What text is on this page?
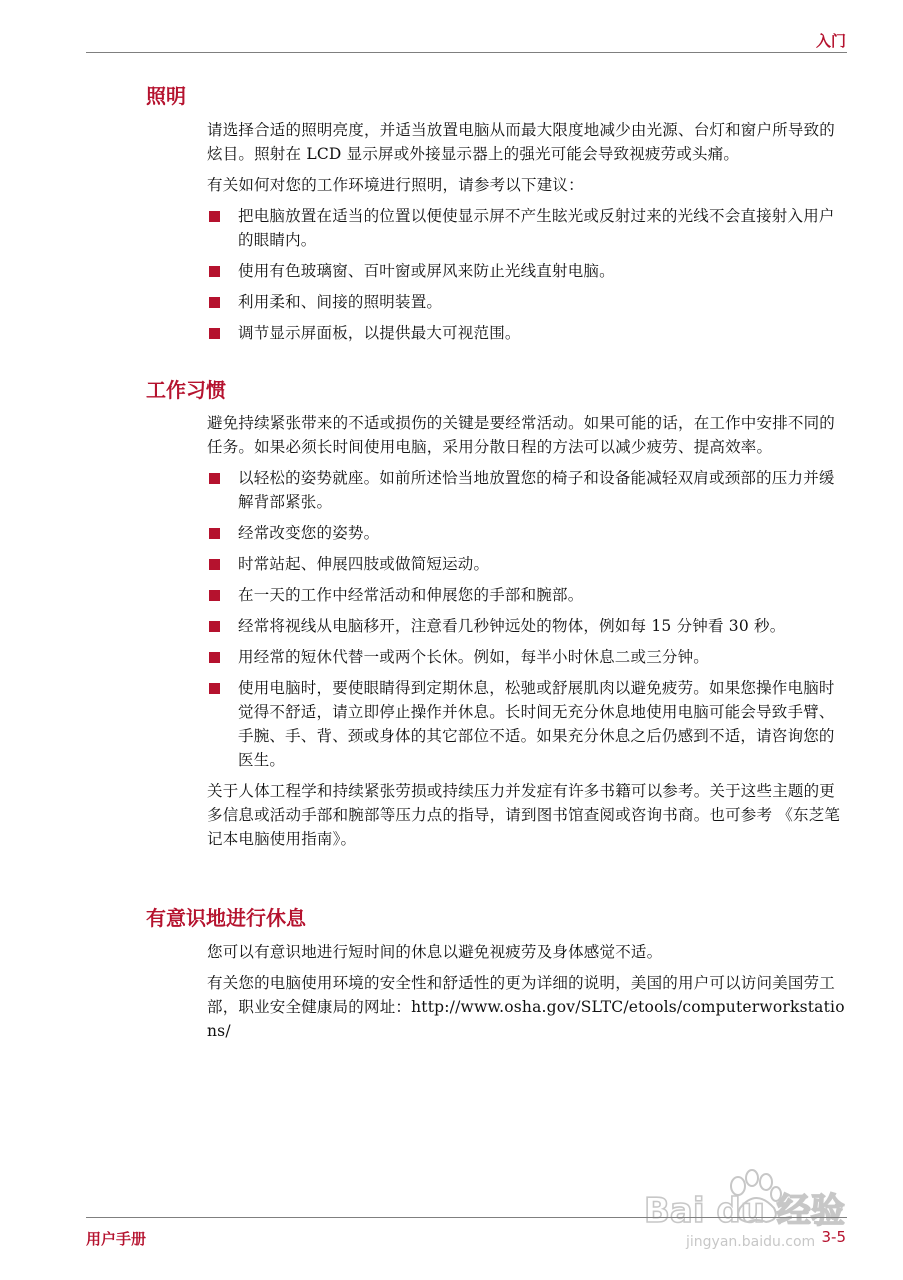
入门
照明

请选择合适的照明亮度，并适当放置电脑从而最大限度地减少由光源、台灯和窗户所导致的炫目。照射在 LCD 显示屏或外接显示器上的强光可能会导致视疲劳或头痛。

有关如何对您的工作环境进行照明，请参考以下建议：

把电脑放置在适当的位置以便使显示屏不产生眩光或反射过来的光线不会直接射入用户的眼睛内。
使用有色玻璃窗、百叶窗或屏风来防止光线直射电脑。
利用柔和、间接的照明装置。
调节显示屏面板，以提供最大可视范围。
工作习惯

避免持续紧张带来的不适或损伤的关键是要经常活动。如果可能的话，在工作中安排不同的任务。如果必须长时间使用电脑，采用分散日程的方法可以减少疲劳、提高效率。

以轻松的姿势就座。如前所述恰当地放置您的椅子和设备能减轻双肩或颈部的压力并缓解背部紧张。
经常改变您的姿势。
时常站起、伸展四肢或做简短运动。
在一天的工作中经常活动和伸展您的手部和腕部。
经常将视线从电脑移开，注意看几秒钟远处的物体，例如每 15 分钟看 30 秒。
用经常的短休代替一或两个长休。例如，每半小时休息二或三分钟。
使用电脑时，要使眼睛得到定期休息，松驰或舒展肌肉以避免疲劳。如果您操作电脑时觉得不舒适，请立即停止操作并休息。长时间无充分休息地使用电脑可能会导致手臂、手腕、手、背、颈或身体的其它部位不适。如果充分休息之后仍感到不适，请咨询您的医生。

关于人体工程学和持续紧张劳损或持续压力并发症有许多书籍可以参考。关于这些主题的更多信息或活动手部和腕部等压力点的指导，请到图书馆查阅或咨询书商。也可参考 《东芝笔记本电脑使用指南》。

有意识地进行休息

您可以有意识地进行短时间的休息以避免视疲劳及身体感觉不适。

有关您的电脑使用环境的安全性和舒适性的更为详细的说明，美国的用户可以访问美国劳工部，职业安全健康局的网址：http://www.osha.gov/SLTC/etools/computerworkstations/

Bai du 经验
jingyan.baidu.com
用户手册	3-5
